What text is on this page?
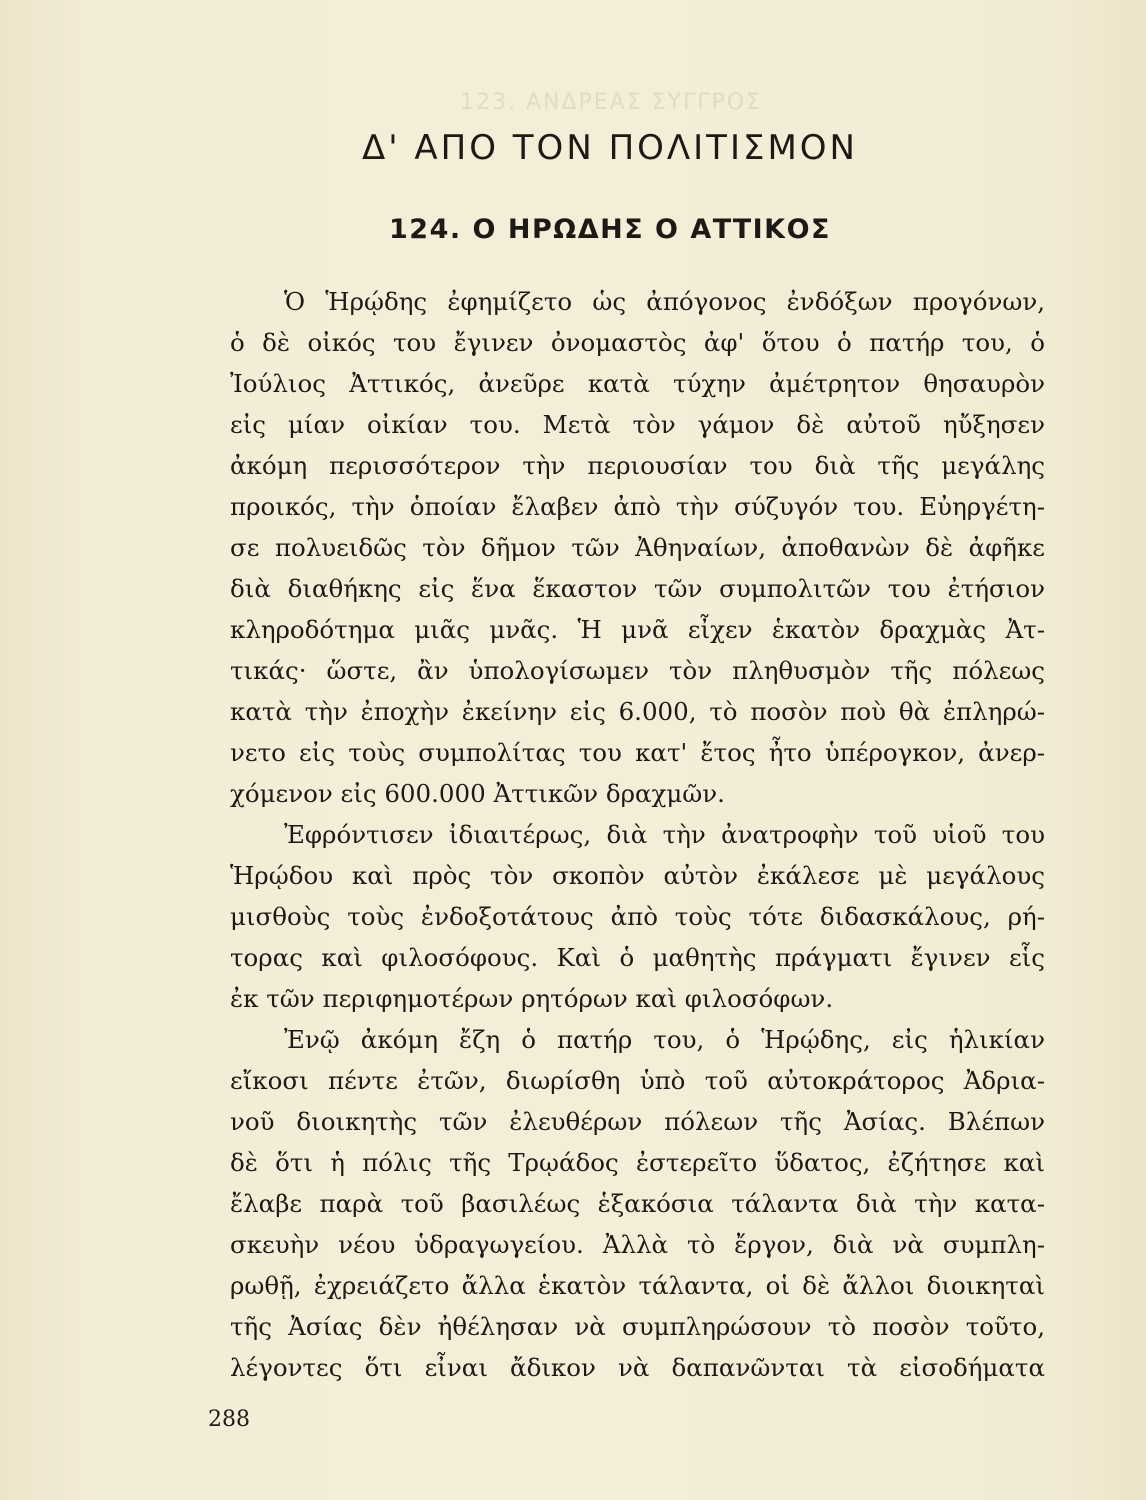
123. ΑΝΔΡΕΑΣ ΣΥΓΓΡΟΣ
Δ' ΑΠΟ ΤΟΝ ΠΟΛΙΤΙΣΜΟΝ
124. Ο ΗΡΩΔΗΣ Ο ΑΤΤΙΚΟΣ
Ὁ Ἡρῴδης ἐφημίζετο ὡς ἀπόγονος ἐνδόξων προγόνων,
ὁ δὲ οἰκός του ἔγινεν ὀνομαστὸς ἀφ' ὅτου ὁ πατήρ του, ὁ
Ἰούλιος Ἀττικός, ἀνεῦρε κατὰ τύχην ἀμέτρητον θησαυρὸν
εἰς μίαν οἰκίαν του. Μετὰ τὸν γάμον δὲ αὐτοῦ ηὔξησεν
ἀκόμη περισσότερον τὴν περιουσίαν του διὰ τῆς μεγάλης
προικός, τὴν ὁποίαν ἔλαβεν ἀπὸ τὴν σύζυγόν του. Εὐηργέτη-
σε πολυειδῶς τὸν δῆμον τῶν Ἀθηναίων, ἀποθανὼν δὲ ἀφῆκε
διὰ διαθήκης εἰς ἕνα ἕκαστον τῶν συμπολιτῶν του ἐτήσιον
κληροδότημα μιᾶς μνᾶς. Ἡ μνᾶ εἶχεν ἑκατὸν δραχμὰς Ἀτ-
τικάς· ὥστε, ἂν ὑπολογίσωμεν τὸν πληθυσμὸν τῆς πόλεως
κατὰ τὴν ἐποχὴν ἐκείνην εἰς 6.000, τὸ ποσὸν ποὺ θὰ ἐπληρώ-
νετο εἰς τοὺς συμπολίτας του κατ' ἔτος ἦτο ὑπέρογκον, ἀνερ-
χόμενον εἰς 600.000 Ἀττικῶν δραχμῶν.
Ἐφρόντισεν ἰδιαιτέρως, διὰ τὴν ἀνατροφὴν τοῦ υἱοῦ του
Ἡρῴδου καὶ πρὸς τὸν σκοπὸν αὐτὸν ἐκάλεσε μὲ μεγάλους
μισθοὺς τοὺς ἐνδοξοτάτους ἀπὸ τοὺς τότε διδασκάλους, ρή-
τορας καὶ φιλοσόφους. Καὶ ὁ μαθητὴς πράγματι ἔγινεν εἷς
ἐκ τῶν περιφημοτέρων ρητόρων καὶ φιλοσόφων.
Ἐνῷ ἀκόμη ἔζη ὁ πατήρ του, ὁ Ἡρῴδης, εἰς ἡλικίαν
εἴκοσι πέντε ἐτῶν, διωρίσθη ὑπὸ τοῦ αὐτοκράτορος Ἀδρια-
νοῦ διοικητὴς τῶν ἐλευθέρων πόλεων τῆς Ἀσίας. Βλέπων
δὲ ὅτι ἡ πόλις τῆς Τρῳάδος ἐστερεῖτο ὕδατος, ἐζήτησε καὶ
ἔλαβε παρὰ τοῦ βασιλέως ἑξακόσια τάλαντα διὰ τὴν κατα-
σκευὴν νέου ὑδραγωγείου. Ἀλλὰ τὸ ἔργον, διὰ νὰ συμπλη-
ρωθῇ, ἐχρειάζετο ἄλλα ἑκατὸν τάλαντα, οἱ δὲ ἄλλοι διοικηταὶ
τῆς Ἀσίας δὲν ἠθέλησαν νὰ συμπληρώσουν τὸ ποσὸν τοῦτο,
λέγοντες ὅτι εἶναι ἄδικον νὰ δαπανῶνται τὰ εἰσοδήματα
288
